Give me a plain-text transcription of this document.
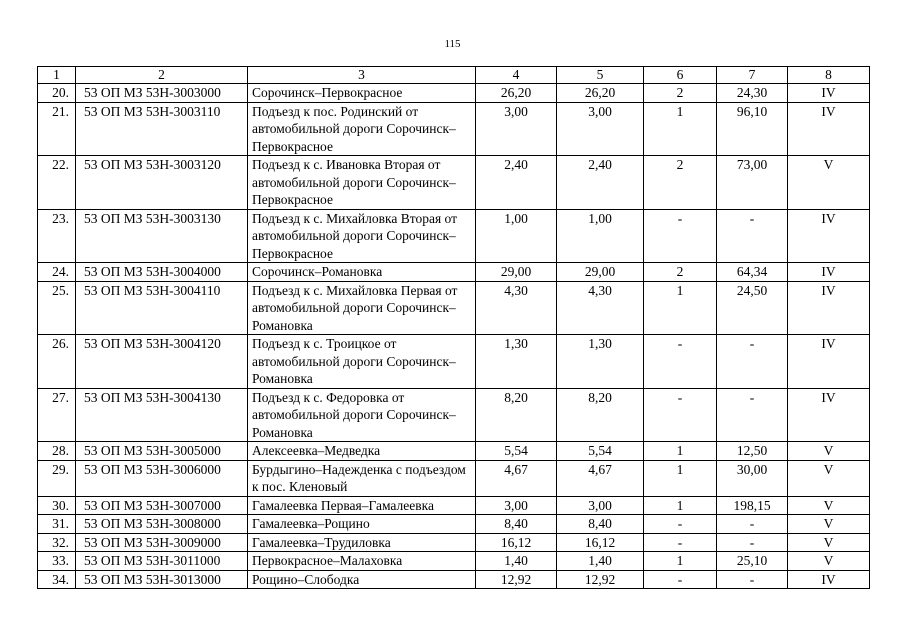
115
1	2	3	4	5	6	7	8
20.	53 ОП МЗ 53Н-3003000	Сорочинск–Первокрасное	26,20	26,20	2	24,30	IV
21.	53 ОП МЗ 53Н-3003110	Подъезд к пос. Родинский от автомобильной дороги Сорочинск–Первокрасное	3,00	3,00	1	96,10	IV
22.	53 ОП МЗ 53Н-3003120	Подъезд к с. Ивановка Вторая от автомобильной дороги Сорочинск–Первокрасное	2,40	2,40	2	73,00	V
23.	53 ОП МЗ 53Н-3003130	Подъезд к с. Михайловка Вторая от автомобильной дороги Сорочинск–Первокрасное	1,00	1,00	-	-	IV
24.	53 ОП МЗ 53Н-3004000	Сорочинск–Романовка	29,00	29,00	2	64,34	IV
25.	53 ОП МЗ 53Н-3004110	Подъезд к с. Михайловка Первая от автомобильной дороги Сорочинск–Романовка	4,30	4,30	1	24,50	IV
26.	53 ОП МЗ 53Н-3004120	Подъезд к с. Троицкое от автомобильной дороги Сорочинск–Романовка	1,30	1,30	-	-	IV
27.	53 ОП МЗ 53Н-3004130	Подъезд к с. Федоровка от автомобильной дороги Сорочинск–Романовка	8,20	8,20	-	-	IV
28.	53 ОП МЗ 53Н-3005000	Алексеевка–Медведка	5,54	5,54	1	12,50	V
29.	53 ОП МЗ 53Н-3006000	Бурдыгино–Надежденка с подъездом к пос. Кленовый	4,67	4,67	1	30,00	V
30.	53 ОП МЗ 53Н-3007000	Гамалеевка Первая–Гамалеевка	3,00	3,00	1	198,15	V
31.	53 ОП МЗ 53Н-3008000	Гамалеевка–Рощино	8,40	8,40	-	-	V
32.	53 ОП МЗ 53Н-3009000	Гамалеевка–Трудиловка	16,12	16,12	-	-	V
33.	53 ОП МЗ 53Н-3011000	Первокрасное–Малаховка	1,40	1,40	1	25,10	V
34.	53 ОП МЗ 53Н-3013000	Рощино–Слободка	12,92	12,92	-	-	IV
